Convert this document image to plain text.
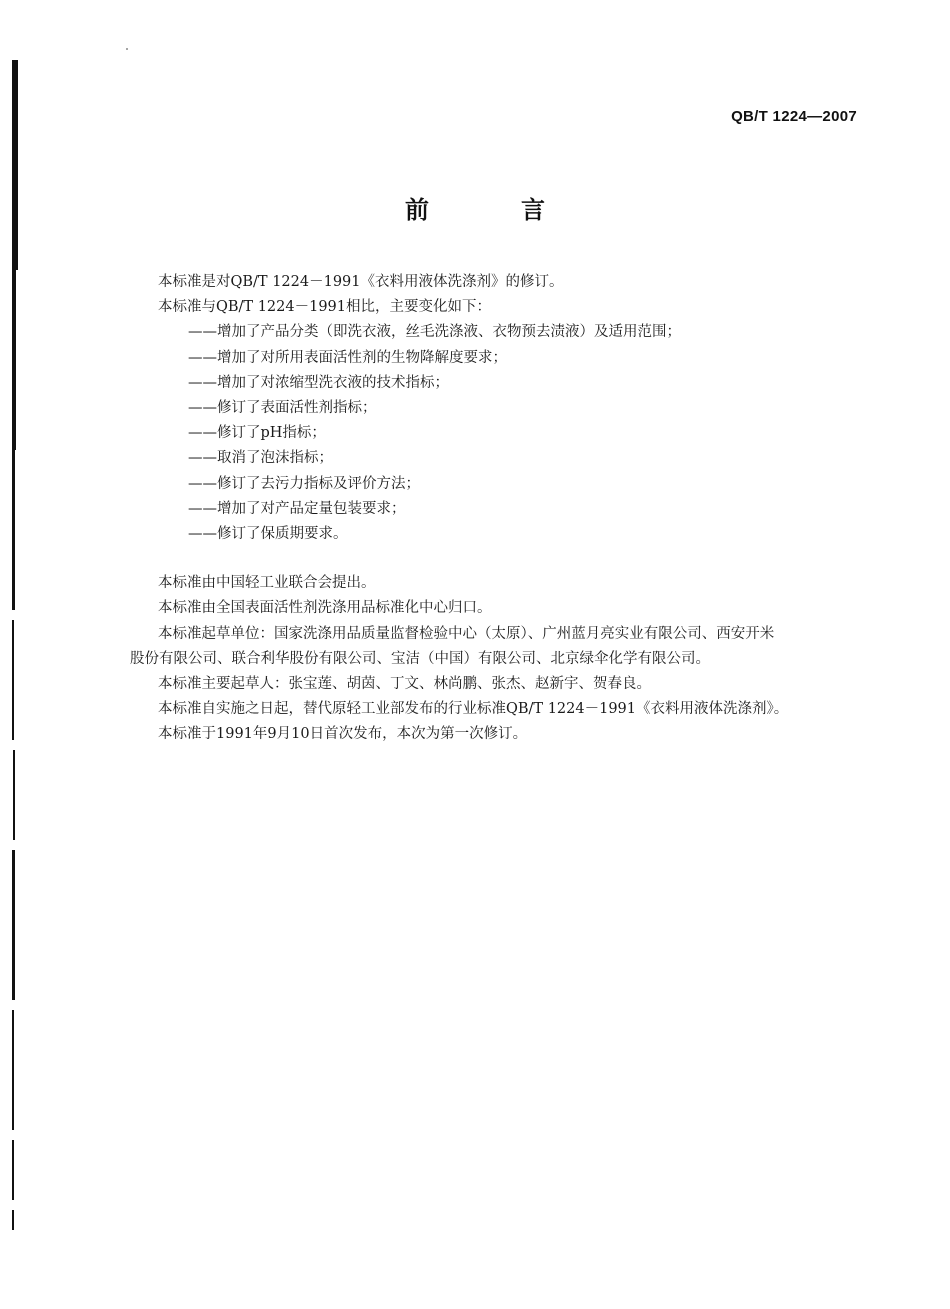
QB/T 1224—2007
前　言

本标准是对QB/T 1224－1991《衣料用液体洗涤剂》的修订。

本标准与QB/T 1224－1991相比，主要变化如下：

——增加了产品分类（即洗衣液，丝毛洗涤液、衣物预去渍液）及适用范围；

——增加了对所用表面活性剂的生物降解度要求；

——增加了对浓缩型洗衣液的技术指标；

——修订了表面活性剂指标；

——修订了pH指标；

——取消了泡沫指标；

——修订了去污力指标及评价方法；

——增加了对产品定量包装要求；

——修订了保质期要求。

本标准由中国轻工业联合会提出。

本标准由全国表面活性剂洗涤用品标准化中心归口。

本标准起草单位：国家洗涤用品质量监督检验中心（太原）、广州蓝月亮实业有限公司、西安开米
股份有限公司、联合利华股份有限公司、宝洁（中国）有限公司、北京绿伞化学有限公司。

本标准主要起草人：张宝莲、胡茵、丁文、林尚鹏、张杰、赵新宇、贺春良。

本标准自实施之日起，替代原轻工业部发布的行业标准QB/T 1224－1991《衣料用液体洗涤剂》。

本标准于1991年9月10日首次发布，本次为第一次修订。
